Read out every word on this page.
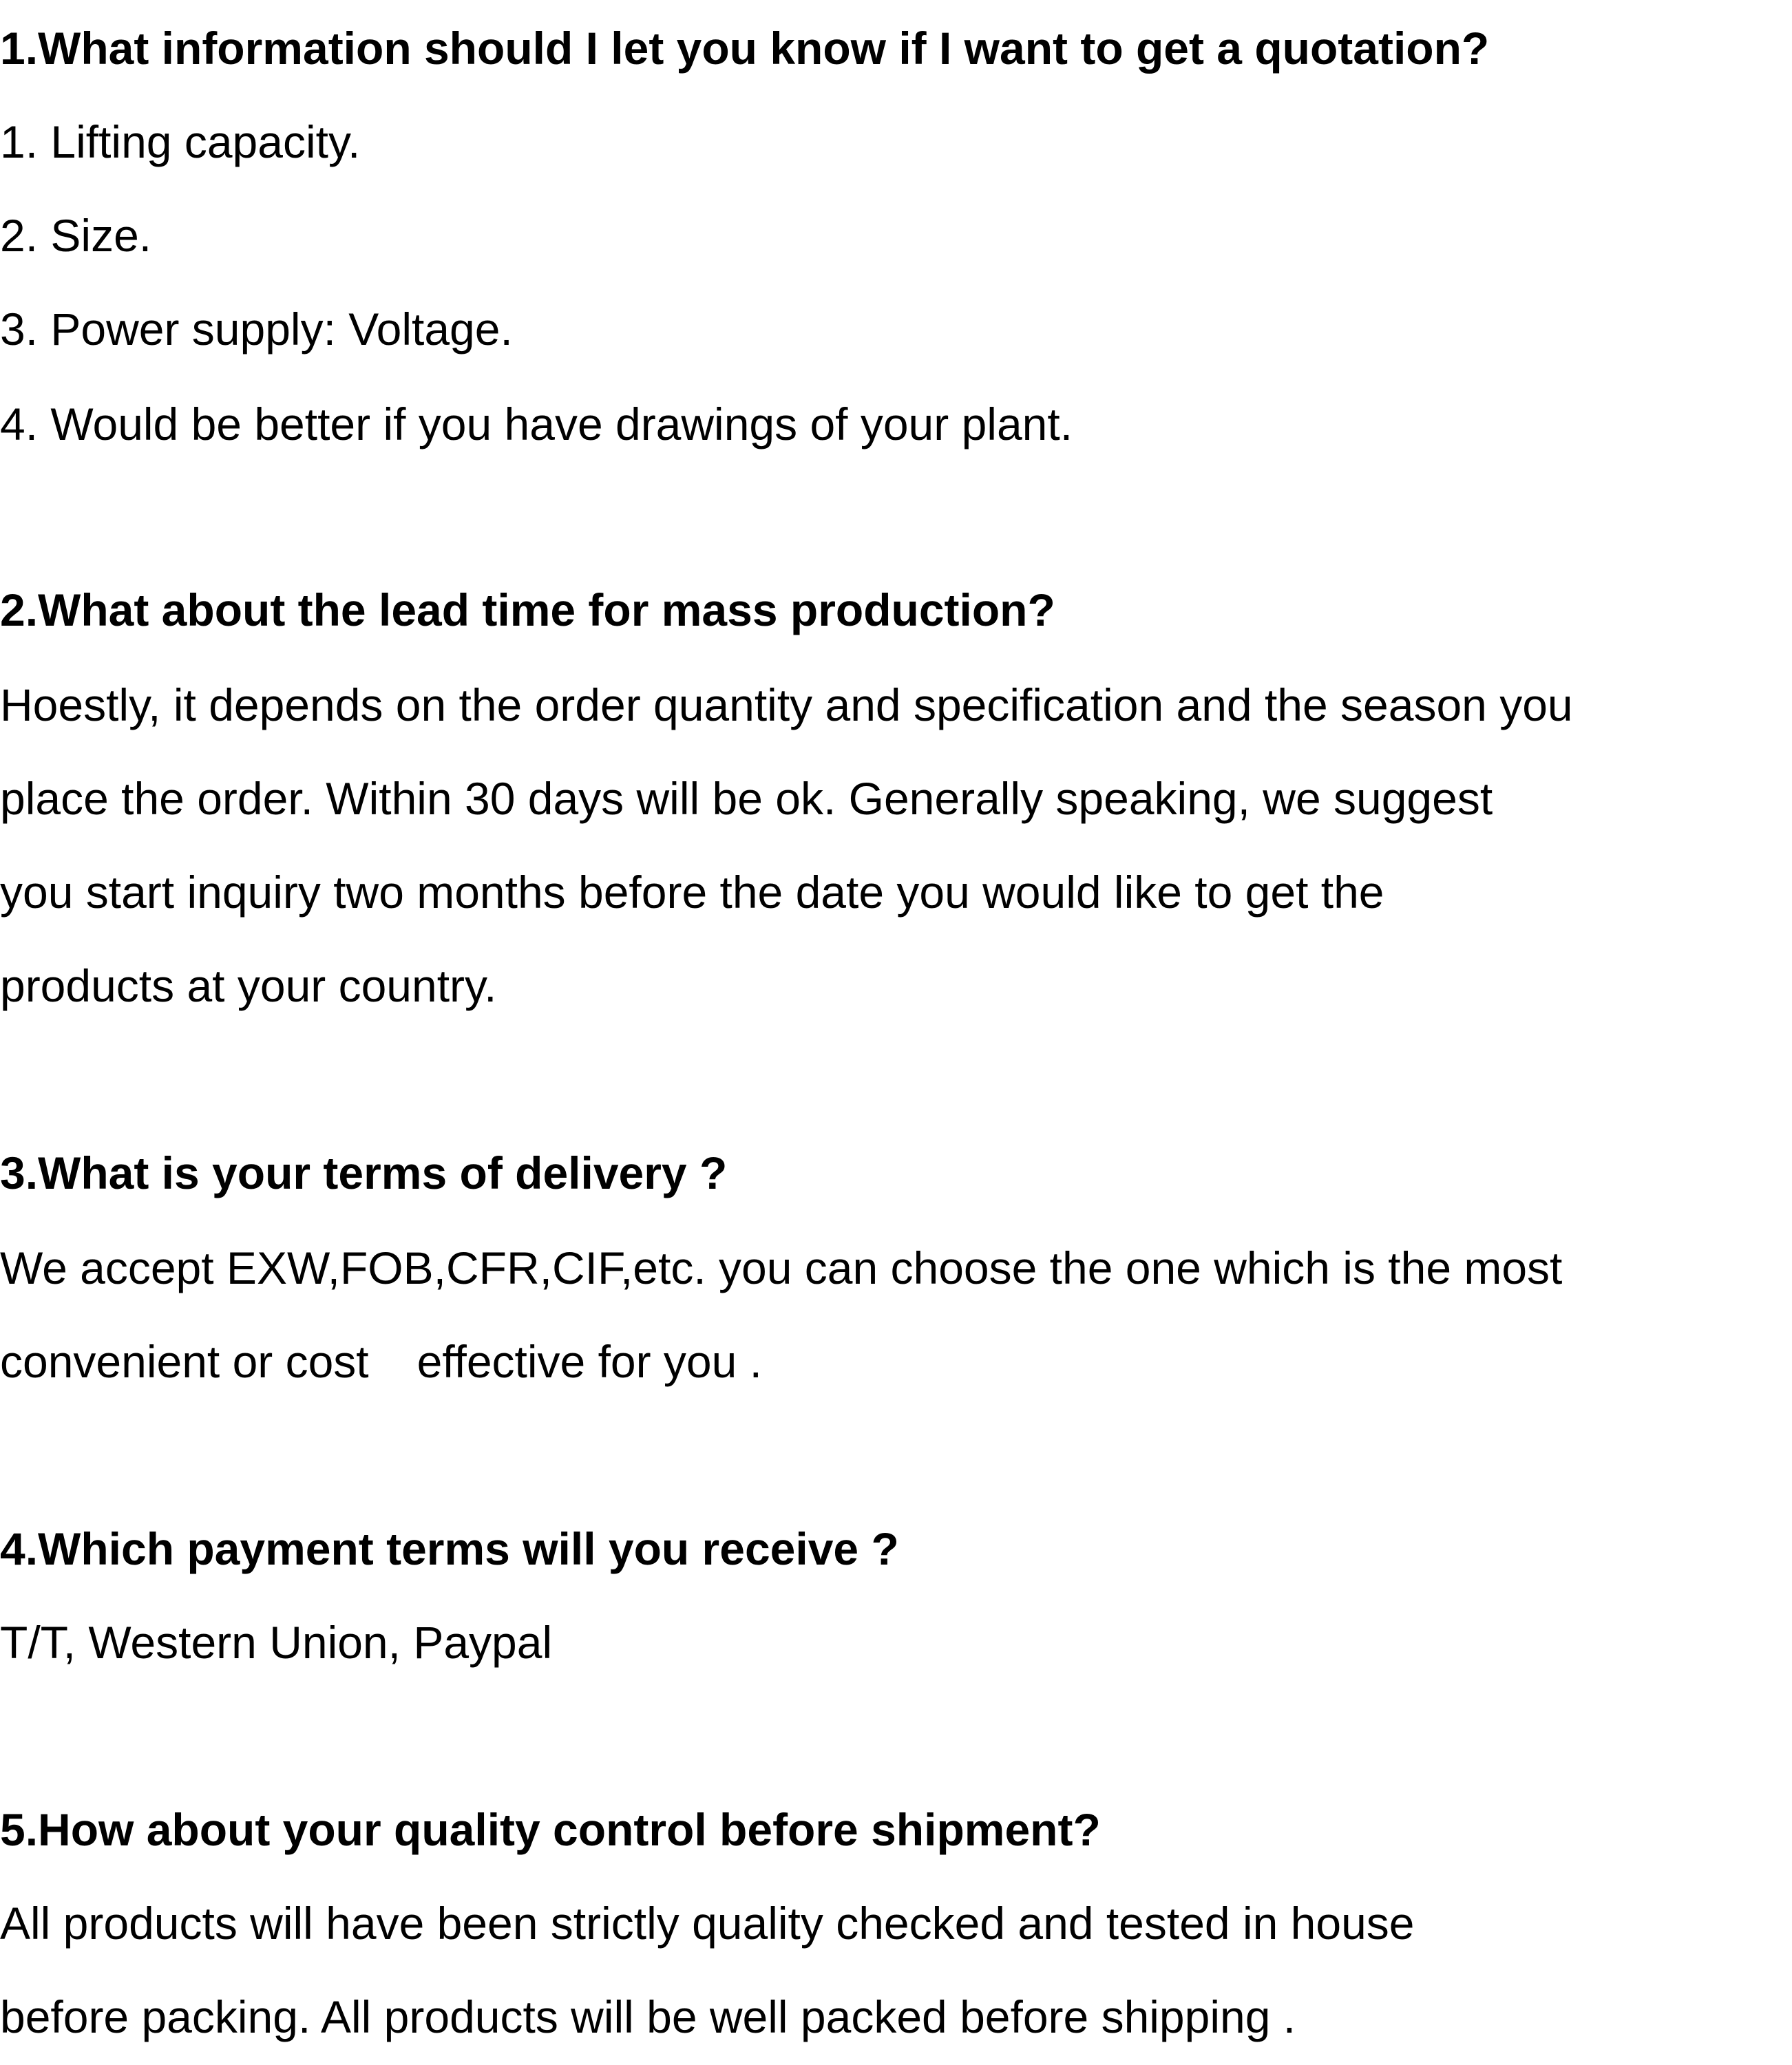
1.What information should I let you know if I want to get a quotation?

1. Lifting capacity.

2. Size.

3. Power supply: Voltage.

4. Would be better if you have drawings of your plant.

2.What about the lead time for mass production?

Hoestly, it depends on the order quantity and specification and the season you

place the order. Within 30 days will be ok. Generally speaking, we suggest

you start inquiry two months before the date you would like to get the

products at your country.

3.What is your terms of delivery ?

We accept EXW,FOB,CFR,CIF,etc. you can choose the one which is the most

convenient or cost effective for you .

4.Which payment terms will you receive ?

T/T, Western Union, Paypal

5.How about your quality control before shipment?

All products will have been strictly quality checked and tested in house

before packing. All products will be well packed before shipping .
